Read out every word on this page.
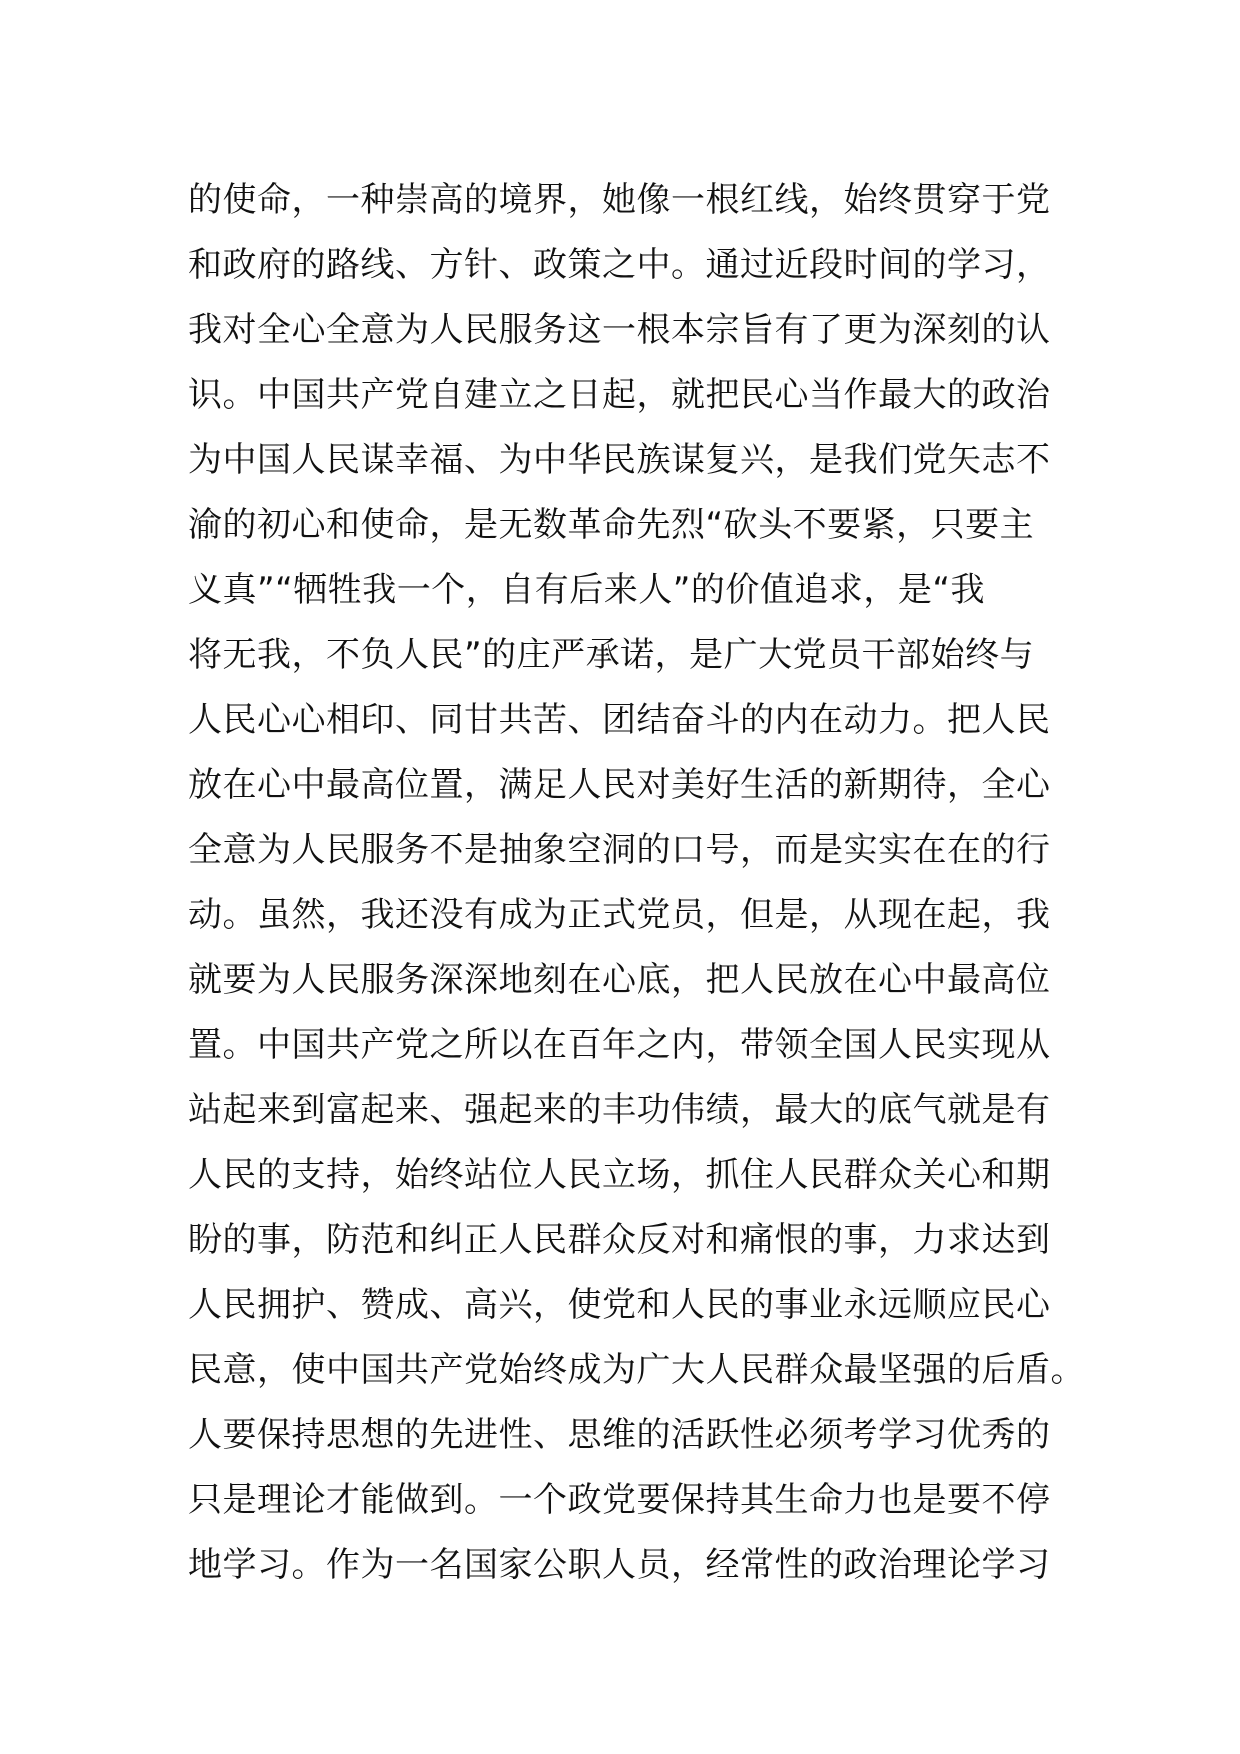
的使命，一种崇高的境界，她像一根红线，始终贯穿于党
和政府的路线、方针、政策之中。通过近段时间的学习，
我对全心全意为人民服务这一根本宗旨有了更为深刻的认
识。中国共产党自建立之日起，就把民心当作最大的政治
为中国人民谋幸福、为中华民族谋复兴，是我们党矢志不
渝的初心和使命，是无数革命先烈“砍头不要紧，只要主
义真”“牺牲我一个，自有后来人”的价值追求，是“我
将无我，不负人民”的庄严承诺，是广大党员干部始终与
人民心心相印、同甘共苦、团结奋斗的内在动力。把人民
放在心中最高位置，满足人民对美好生活的新期待，全心
全意为人民服务不是抽象空洞的口号，而是实实在在的行
动。虽然，我还没有成为正式党员，但是，从现在起，我
就要为人民服务深深地刻在心底，把人民放在心中最高位
置。中国共产党之所以在百年之内，带领全国人民实现从
站起来到富起来、强起来的丰功伟绩，最大的底气就是有
人民的支持，始终站位人民立场，抓住人民群众关心和期
盼的事，防范和纠正人民群众反对和痛恨的事，力求达到
人民拥护、赞成、高兴，使党和人民的事业永远顺应民心
民意，使中国共产党始终成为广大人民群众最坚强的后盾。
人要保持思想的先进性、思维的活跃性必须考学习优秀的
只是理论才能做到。一个政党要保持其生命力也是要不停
地学习。作为一名国家公职人员，经常性的政治理论学习
